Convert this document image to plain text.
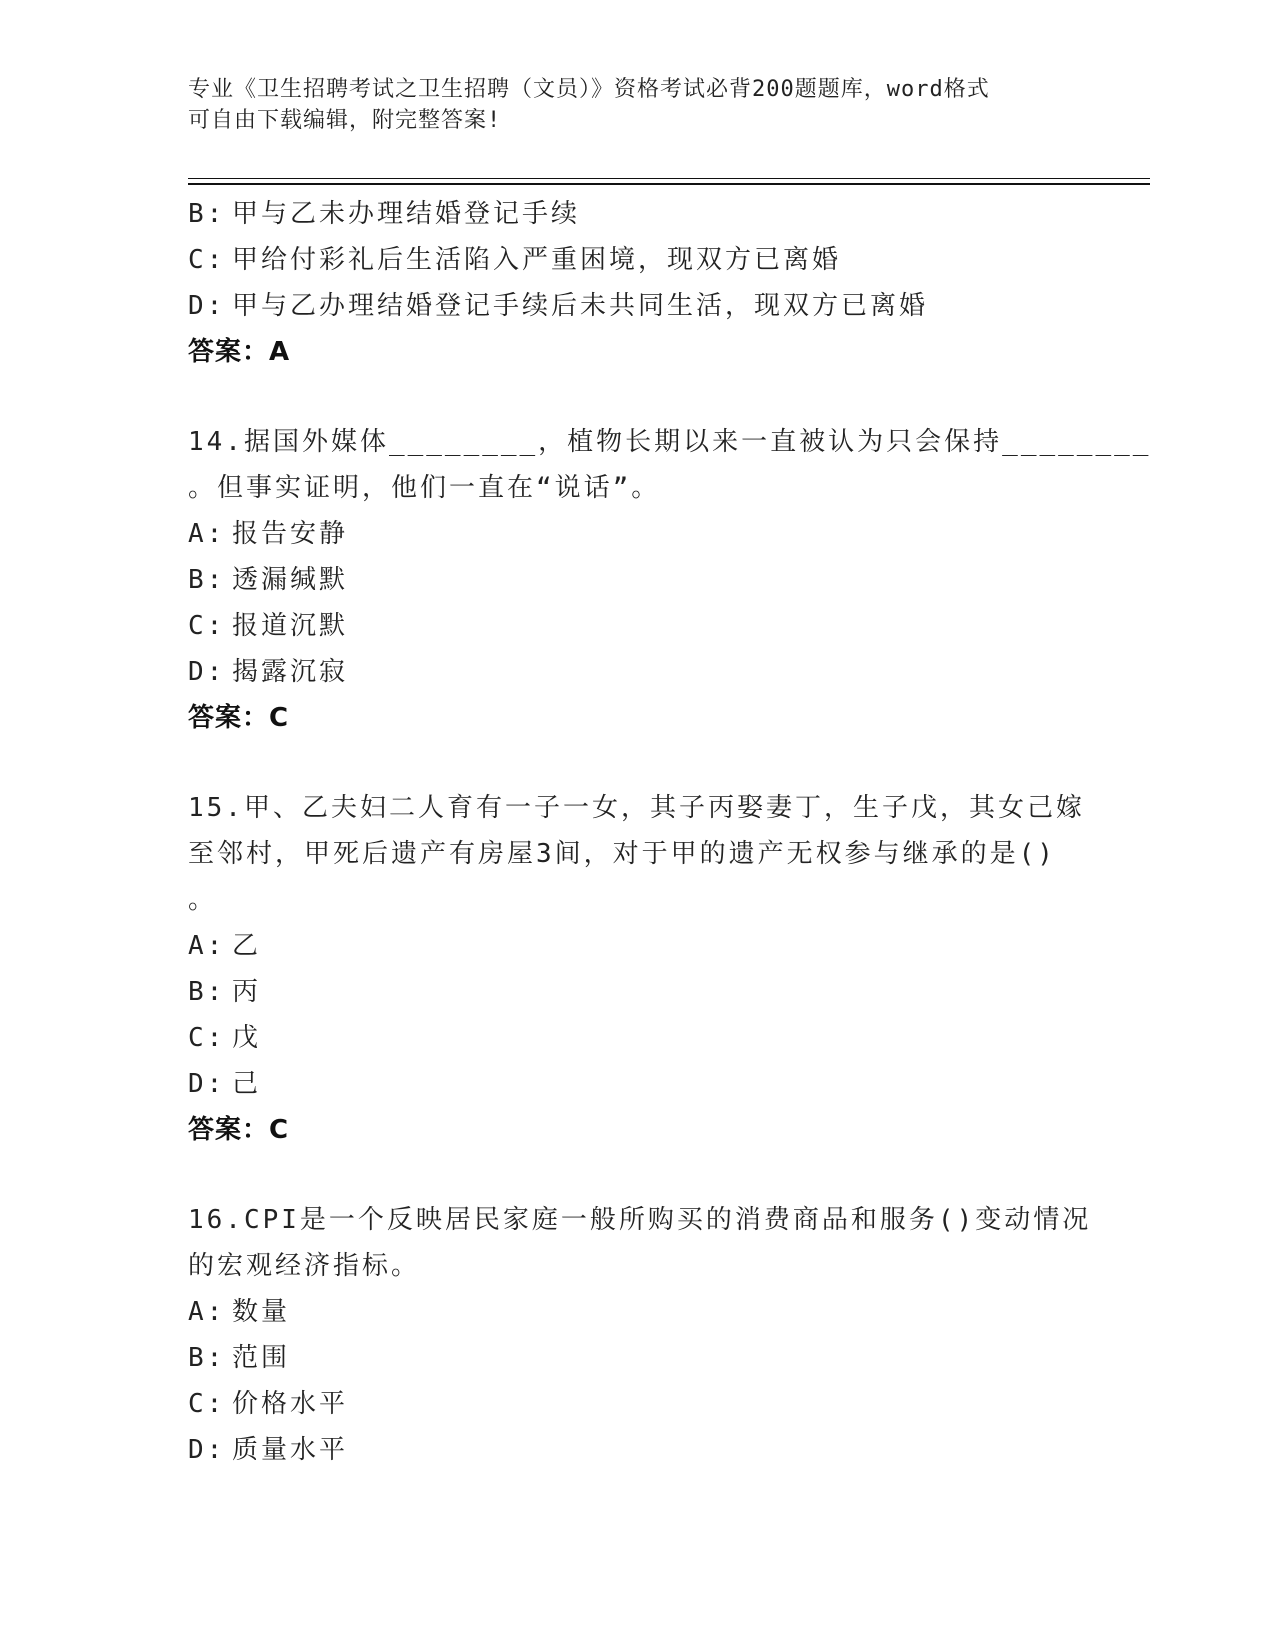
专业《卫生招聘考试之卫生招聘（文员）》资格考试必背200题题库，word格式
可自由下载编辑，附完整答案!
B: 甲与乙未办理结婚登记手续
C: 甲给付彩礼后生活陷入严重困境，现双方已离婚
D: 甲与乙办理结婚登记手续后未共同生活，现双方已离婚
答案：A
14.据国外媒体________，植物长期以来一直被认为只会保持________
。但事实证明，他们一直在“说话”。
A: 报告安静
B: 透漏缄默
C: 报道沉默
D: 揭露沉寂
答案：C
15.甲、乙夫妇二人育有一子一女，其子丙娶妻丁，生子戊，其女己嫁
至邻村，甲死后遗产有房屋3间，对于甲的遗产无权参与继承的是()
。
A: 乙
B: 丙
C: 戊
D: 己
答案：C
16.CPI是一个反映居民家庭一般所购买的消费商品和服务()变动情况
的宏观经济指标。
A: 数量
B: 范围
C: 价格水平
D: 质量水平
